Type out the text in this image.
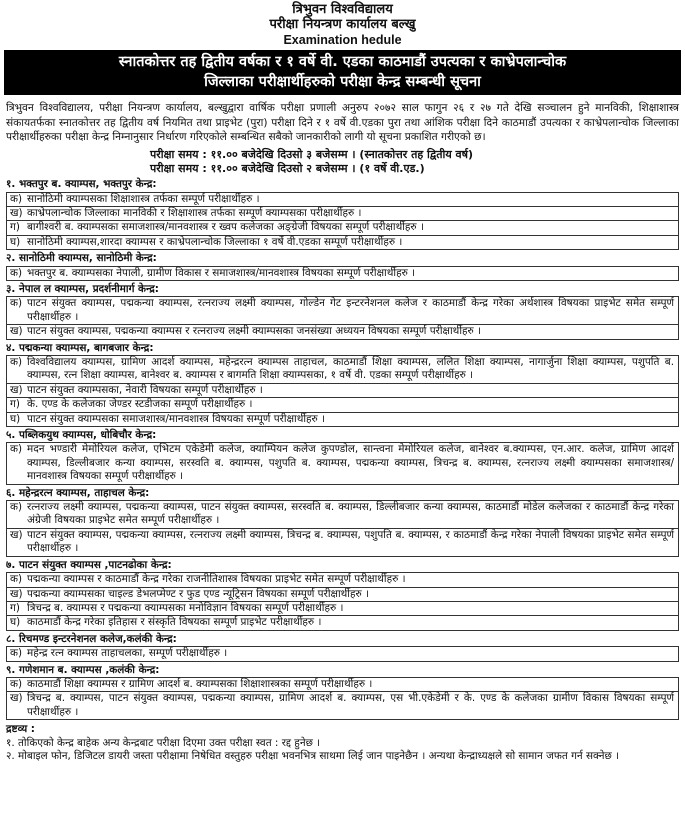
त्रिभुवन विश्वविद्यालय
परीक्षा नियन्त्रण कार्यालय बल्खु
Examination hedule
स्नातकोत्तर तह द्वितीय वर्षका र १ वर्षे वी. एडका काठमाडौं उपत्यका र काभ्रेपलान्चोक
जिल्लाका परीक्षार्थीहरुको परीक्षा केन्द्र सम्बन्धी सूचना
त्रिभुवन विश्वविद्यालय, परीक्षा नियन्त्रण कार्यालय, बल्खुद्वारा वार्षिक परीक्षा प्रणाली अनुरुप २०७२ साल फागुन २६ र २७ गते देखि सञ्चालन हुने मानविकी, शिक्षाशास्त्र संकायतर्फका स्नातकोत्तर तह द्वितीय वर्ष नियमित तथा प्राइभेट (पुरा) परीक्षा दिने र १ वर्षे वी.एडका पुरा तथा आंशिक परीक्षा दिने काठमाडौं उपत्यका र काभ्रेपलान्चोक जिल्लाका परीक्षार्थीहरुका परीक्षा केन्द्र निम्नानुसार निर्धारण गरिएकोले सम्बन्धित सबैको जानकारीको लागी यो सूचना प्रकाशित गरीएको छ।
परीक्षा समय : ११.०० बजेदेखि दिउसो ३ बजेसम्म । (स्नातकोत्तर तह द्वितीय वर्ष)
परीक्षा समय : ११.०० बजेदेखि दिउसो २ बजेसम्म । (१ वर्षे वी.एड.)
१. भक्तपुर ब. क्याम्पस, भक्तपुर केन्द्र:
क) सानोठिमी क्याम्पसका शिक्षाशास्त्र तर्फका सम्पूर्ण परीक्षार्थीहरु ।
ख) काभ्रेपलान्चोक जिल्लाका मानविकी र शिक्षाशास्त्र तर्फका सम्पूर्ण क्याम्पसका परीक्षार्थीहरु ।
ग) बागीश्वरी ब. क्याम्पसका समाजशास्त्र/मानवशास्त्र र ख्वप कलेजका अङ्ग्रेजी विषयका सम्पूर्ण परीक्षार्थीहरु ।
घ) सानोठिमी क्याम्पस,शारदा क्याम्पस र काभ्रेपलान्चोक जिल्लाका १ वर्षे वी.एडका सम्पूर्ण परीक्षार्थीहरु ।
२. सानोठिमी क्याम्पस, सानोठिमी केन्द्र:
क) भक्तपुर ब. क्याम्पसका नेपाली, ग्रामीण विकास र समाजशास्त्र/मानवशास्त्र विषयका सम्पूर्ण परीक्षार्थीहरु ।
३. नेपाल ल क्याम्पस, प्रदर्शनीमार्ग केन्द्र:
क) पाटन संयुक्त क्याम्पस, पद्मकन्या क्याम्पस, रत्नराज्य लक्ष्मी क्याम्पस, गोल्डेन गेट इन्टरनेशनल कलेज र काठमाडौं केन्द्र गरेका अर्थशास्त्र विषयका प्राइभेट समेत सम्पूर्ण परीक्षार्थीहरु ।
ख) पाटन संयुक्त क्याम्पस, पद्मकन्या क्याम्पस र रत्नराज्य लक्ष्मी क्याम्पसका जनसंख्या अध्ययन विषयका सम्पूर्ण परीक्षार्थीहरु ।
४. पद्मकन्या क्याम्पस, बागबजार केन्द्र:
क) विश्वविद्यालय क्याम्पस, ग्रामिण आदर्श क्याम्पस, महेन्द्ररत्न क्याम्पस ताहाचल, काठमाडौं शिक्षा क्याम्पस, ललित शिक्षा क्याम्पस, नागार्जुना शिक्षा क्याम्पस, पशुपति ब. क्याम्पस, रत्न शिक्षा क्याम्पस, बानेश्वर ब. क्याम्पस र बागमति शिक्षा क्याम्पसका, १ वर्षे वी. एडका सम्पूर्ण परीक्षार्थीहरु ।
ख) पाटन संयुक्त क्याम्पसका, नेवारी विषयका सम्पूर्ण परीक्षार्थीहरु ।
ग) के. एण्ड के कलेजका जेण्डर स्टडीजका सम्पूर्ण परीक्षार्थीहरु ।
घ) पाटन संयुक्त क्याम्पसका समाजशास्त्र/मानवशास्त्र विषयका सम्पूर्ण परीक्षार्थीहरु ।
५. पब्लिकयुथ क्याम्पस, धोबिचौर केन्द्र:
क) मदन भण्डारी मेमोरियल कलेज, एभिटम एकेडेमी कलेज, क्याम्पियन कलेज कुपण्डोल, सान्त्वना मेमोरियल कलेज, बानेश्वर ब.क्याम्पस, एन.आर. कलेज, ग्रामिण आदर्श क्याम्पस, डिल्लीबजार कन्या क्याम्पस, सरस्वति ब. क्याम्पस, पशुपति ब. क्याम्पस, पद्मकन्या क्याम्पस, त्रिचन्द्र ब. क्याम्पस, रत्नराज्य लक्ष्मी क्याम्पसका समाजशास्त्र/मानवशास्त्र विषयका सम्पूर्ण परीक्षार्थीहरु ।
६. महेन्द्ररत्न क्याम्पस, ताहाचल केन्द्र:
क) रत्नराज्य लक्ष्मी क्याम्पस, पद्मकन्या क्याम्पस, पाटन संयुक्त क्याम्पस, सरस्वति ब. क्याम्पस, डिल्लीबजार कन्या क्याम्पस, काठमाडौं मोडेल कलेजका र काठमाडौं केन्द्र गरेका अंग्रेजी विषयका प्राइभेट समेत सम्पूर्ण परीक्षार्थीहरु ।
ख) पाटन संयुक्त क्याम्पस, पद्मकन्या क्याम्पस, रत्नराज्य लक्ष्मी क्याम्पस, त्रिचन्द्र ब. क्याम्पस, पशुपति ब. क्याम्पस, र काठमाडौं केन्द्र गरेका नेपाली विषयका प्राइभेट समेत सम्पूर्ण परीक्षार्थीहरु ।
७. पाटन संयुक्त क्याम्पस ,पाटनढोका केन्द्र:
क) पद्मकन्या क्याम्पस र काठमाडौं केन्द्र गरेका राजनीतिशास्त्र विषयका प्राइभेट समेत सम्पूर्ण परीक्षार्थीहरु ।
ख) पद्मकन्या क्याम्पसका चाइल्ड डेभलप्मेण्ट र फुड एण्ड न्यूट्रिसन विषयका सम्पूर्ण परीक्षार्थीहरु ।
ग) त्रिचन्द्र ब. क्याम्पस र पद्मकन्या क्याम्पसका मनोविज्ञान विषयका सम्पूर्ण परीक्षार्थीहरु ।
घ) काठमाडौं केन्द्र गरेका इतिहास र संस्कृति विषयका सम्पूर्ण प्राइभेट परीक्षार्थीहरु ।
८. रिचमण्ड इन्टरनेशनल कलेज,कलंकी केन्द्र:
क) महेन्द्र रत्न क्याम्पस ताहाचलका, सम्पूर्ण परीक्षार्थीहरु ।
९. गणेशमान ब. क्याम्पस ,कलंकी केन्द्र:
क) काठमाडौं शिक्षा क्याम्पस र ग्रामिण आदर्श ब. क्याम्पसका शिक्षाशास्त्रका सम्पूर्ण परीक्षार्थीहरु ।
ख) त्रिचन्द्र ब. क्याम्पस, पाटन संयुक्त क्याम्पस, पद्मकन्या क्याम्पस, ग्रामिण आदर्श ब. क्याम्पस, एस भी.एकेडेमी र के. एण्ड के कलेजका ग्रामीण विकास विषयका सम्पूर्ण परीक्षार्थीहरु ।
द्रष्टव्य :
१. तोकिएको केन्द्र बाहेक अन्य केन्द्रबाट परीक्षा दिएमा उक्त परीक्षा स्वत : रद्द हुनेछ ।
२. मोबाइल फोन, डिजिटल डायरी जस्ता परीक्षामा निषेधित वस्तुहरु परीक्षा भवनभित्र साथमा लिई जान पाइनेछैन । अन्यथा केन्द्राध्यक्षले सो सामान जफत गर्न सक्नेछ ।
